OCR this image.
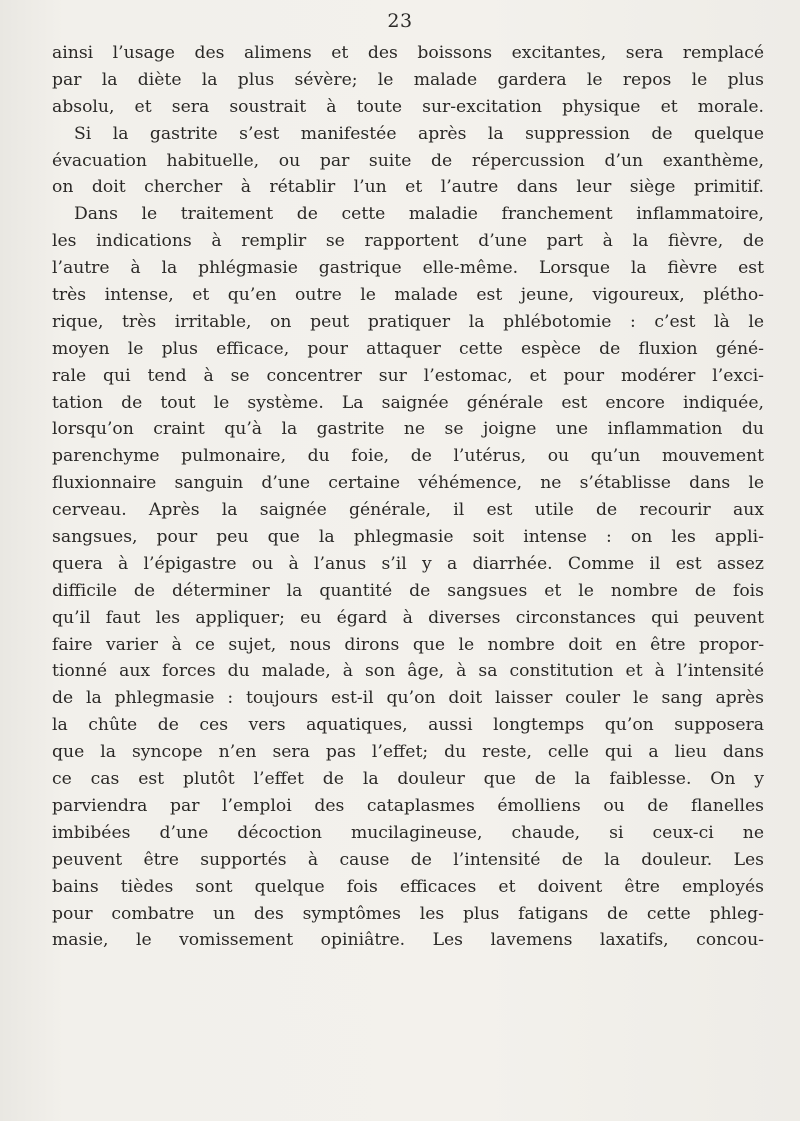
23
ainsi l’usage des alimens et des boissons excitantes, sera remplacé
par la diète la plus sévère; le malade gardera le repos le plus
absolu, et sera soustrait à toute sur-excitation physique et morale.
Si la gastrite s’est manifestée après la suppression de quelque
évacuation habituelle, ou par suite de répercussion d’un exanthème,
on doit chercher à rétablir l’un et l’autre dans leur siège primitif.
Dans le traitement de cette maladie franchement inflammatoire,
les indications à remplir se rapportent d’une part à la fièvre, de
l’autre à la phlégmasie gastrique elle-même. Lorsque la fièvre est
très intense, et qu’en outre le malade est jeune, vigoureux, plétho-
rique, très irritable, on peut pratiquer la phlébotomie : c’est là le
moyen le plus efficace, pour attaquer cette espèce de fluxion géné-
rale qui tend à se concentrer sur l’estomac, et pour modérer l’exci-
tation de tout le système. La saignée générale est encore indiquée,
lorsqu’on craint qu’à la gastrite ne se joigne une inflammation du
parenchyme pulmonaire, du foie, de l’utérus, ou qu’un mouvement
fluxionnaire sanguin d’une certaine véhémence, ne s’établisse dans le
cerveau. Après la saignée générale, il est utile de recourir aux
sangsues, pour peu que la phlegmasie soit intense : on les appli-
quera à l’épigastre ou à l’anus s’il y a diarrhée. Comme il est assez
difficile de déterminer la quantité de sangsues et le nombre de fois
qu’il faut les appliquer; eu égard à diverses circonstances qui peuvent
faire varier à ce sujet, nous dirons que le nombre doit en être propor-
tionné aux forces du malade, à son âge, à sa constitution et à l’intensité
de la phlegmasie : toujours est-il qu’on doit laisser couler le sang après
la chûte de ces vers aquatiques, aussi longtemps qu’on supposera
que la syncope n’en sera pas l’effet; du reste, celle qui a lieu dans
ce cas est plutôt l’effet de la douleur que de la faiblesse. On y
parviendra par l’emploi des cataplasmes émolliens ou de flanelles
imbibées d’une décoction mucilagineuse, chaude, si ceux-ci ne
peuvent être supportés à cause de l’intensité de la douleur. Les
bains tièdes sont quelque fois efficaces et doivent être employés
pour combatre un des symptômes les plus fatigans de cette phleg-
masie, le vomissement opiniâtre. Les lavemens laxatifs, concou-
